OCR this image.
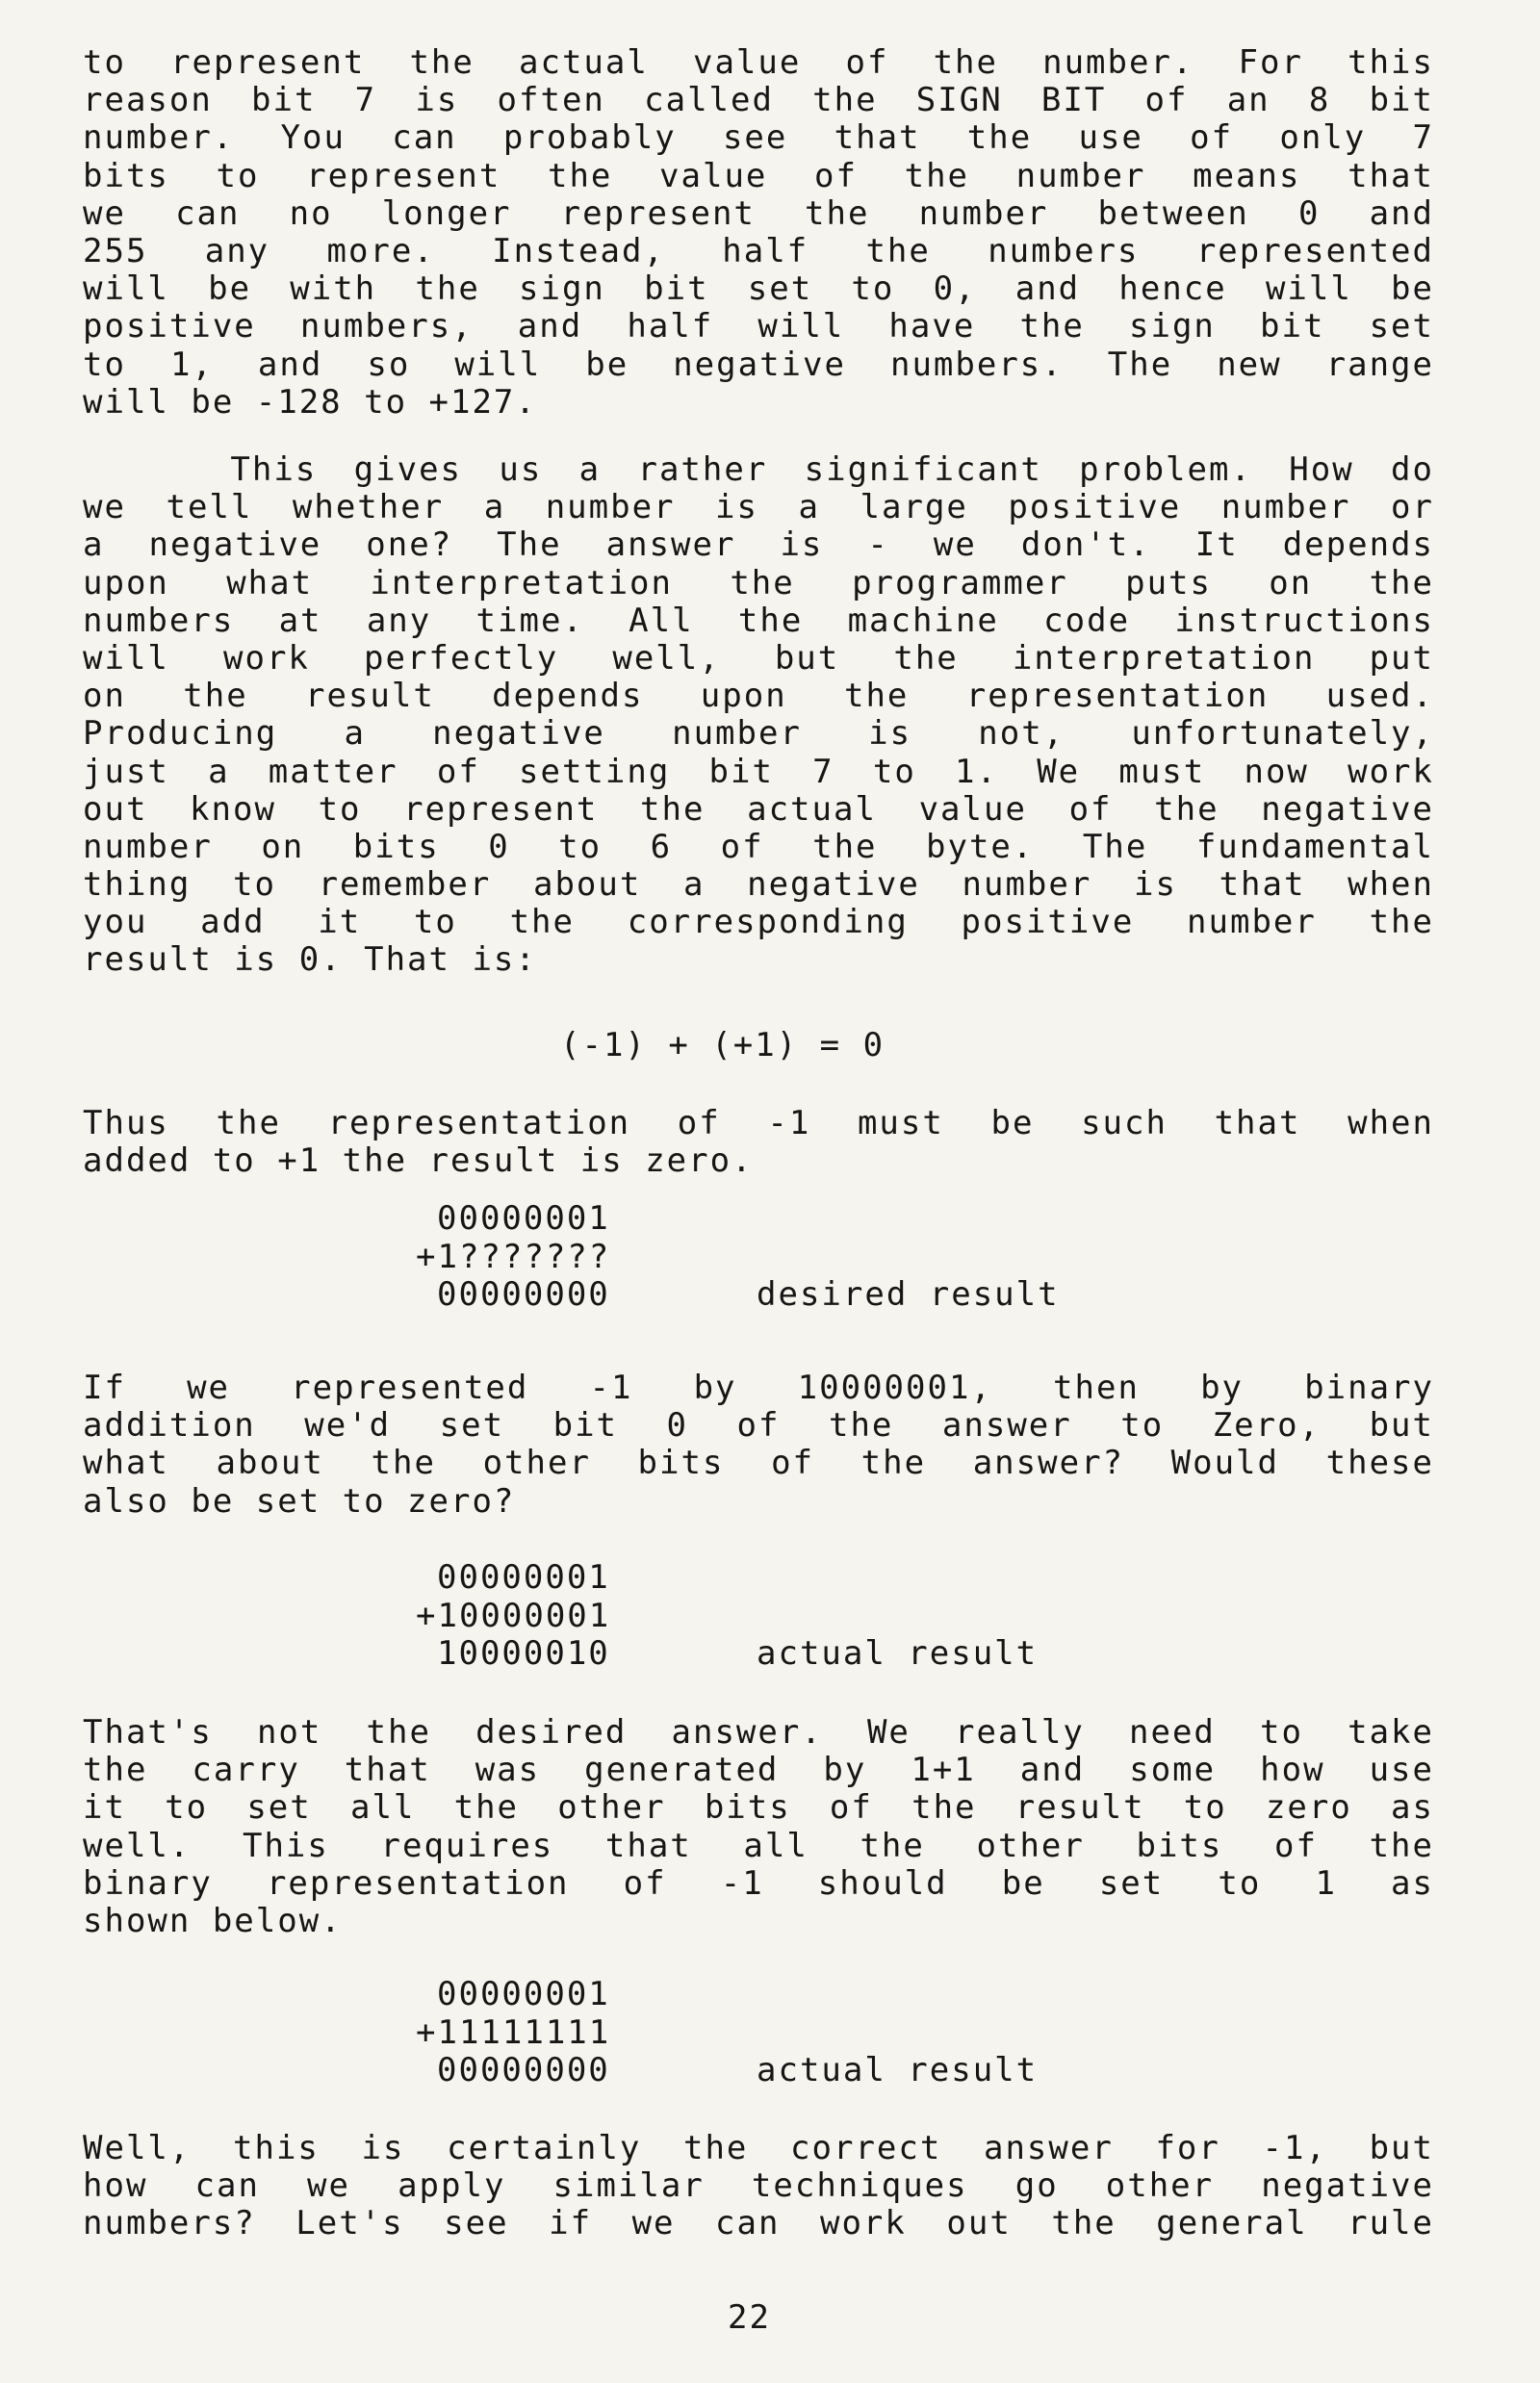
to represent the actual value of the number. For this
reason bit 7 is often called the SIGN BIT of an 8 bit
number. You can probably see that the use of only 7
bits to represent the value of the number means that
we can no longer represent the number between 0 and
255 any more. Instead, half the numbers represented
will be with the sign bit set to 0, and hence will be
positive numbers, and half will have the sign bit set
to 1, and so will be negative numbers. The new range
will be -128 to +127.
This gives us a rather significant problem. How do
we tell whether a number is a large positive number or
a negative one? The answer is - we don't. It depends
upon what interpretation the programmer puts on the
numbers at any time. All the machine code instructions
will work perfectly well, but the interpretation put
on the result depends upon the representation used.
Producing a negative number is not, unfortunately,
just a matter of setting bit 7 to 1. We must now work
out know to represent the actual value of the negative
number on bits 0 to 6 of the byte. The fundamental
thing to remember about a negative number is that when
you add it to the corresponding positive number the
result is 0. That is:
(-1) + (+1) = 0
Thus the representation of -1 must be such that when
added to +1 the result is zero.
00000001
+1???????
00000000	desired result
If we represented -1 by 10000001, then by binary
addition we'd set bit 0 of the answer to Zero, but
what about the other bits of the answer? Would these
also be set to zero?
00000001
+10000001
10000010	actual result
That's not the desired answer. We really need to take
the carry that was generated by 1+1 and some how use
it to set all the other bits of the result to zero as
well. This requires that all the other bits of the
binary representation of -1 should be set to 1 as
shown below.
00000001
+11111111
00000000	actual result
Well, this is certainly the correct answer for -1, but
how can we apply similar techniques go other negative
numbers? Let's see if we can work out the general rule
22
